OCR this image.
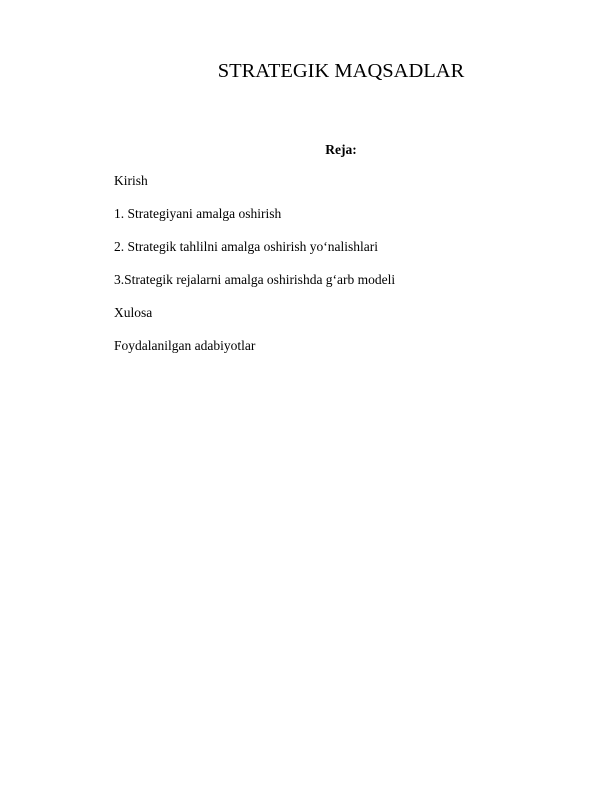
STRATEGIK MAQSADLAR
Reja:
Kirish
1. Strategiyani amalga oshirish
2. Strategik tahlilni amalga oshirish yo‘nalishlari
3.Strategik rejalarni amalga oshirishda g‘arb modeli
Xulosa
Foydalanilgan adabiyotlar
